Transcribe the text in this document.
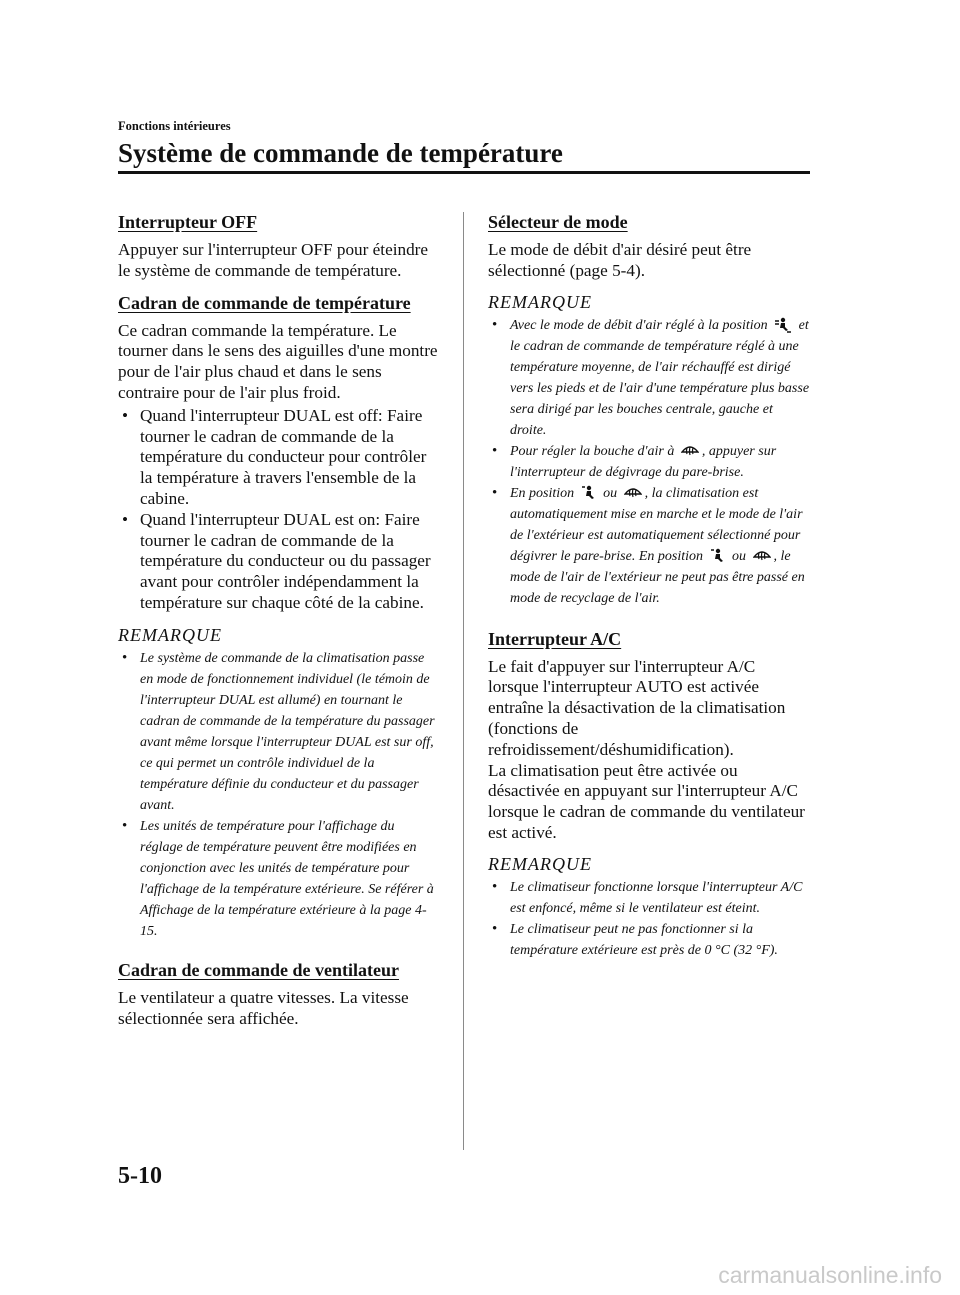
Fonctions intérieures
Système de commande de température
Interrupteur OFF

Appuyer sur l'interrupteur OFF pour éteindre le système de commande de température.

Cadran de commande de température

Ce cadran commande la température. Le tourner dans le sens des aiguilles d'une montre pour de l'air plus chaud et dans le sens contraire pour de l'air plus froid.

• Quand l'interrupteur DUAL est off: Faire tourner le cadran de commande de la température du conducteur pour contrôler la température à travers l'ensemble de la cabine.
• Quand l'interrupteur DUAL est on: Faire tourner le cadran de commande de la température du conducteur ou du passager avant pour contrôler indépendamment la température sur chaque côté de la cabine.
REMARQUE
• Le système de commande de la climatisation passe en mode de fonctionnement individuel (le témoin de l'interrupteur DUAL est allumé) en tournant le cadran de commande de la température du passager avant même lorsque l'interrupteur DUAL est sur off, ce qui permet un contrôle individuel de la température définie du conducteur et du passager avant.
• Les unités de température pour l'affichage du réglage de température peuvent être modifiées en conjonction avec les unités de température pour l'affichage de la température extérieure. Se référer à Affichage de la température extérieure à la page 4-15.
Cadran de commande de ventilateur

Le ventilateur a quatre vitesses. La vitesse sélectionnée sera affichée.

Sélecteur de mode

Le mode de débit d'air désiré peut être sélectionné (page 5-4).

REMARQUE
• Avec le mode de débit d'air réglé à la position et le cadran de commande de température réglé à une température moyenne, de l'air réchauffé est dirigé vers les pieds et de l'air d'une température plus basse sera dirigé par les bouches centrale, gauche et droite.
• Pour régler la bouche d'air à , appuyer sur l'interrupteur de dégivrage du pare-brise.
• En position ou , la climatisation est automatiquement mise en marche et le mode de l'air de l'extérieur est automatiquement sélectionné pour dégivrer le pare-brise. En position ou , le mode de l'air de l'extérieur ne peut pas être passé en mode de recyclage de l'air.
Interrupteur A/C

Le fait d'appuyer sur l'interrupteur A/C lorsque l'interrupteur AUTO est activée entraîne la désactivation de la climatisation (fonctions de refroidissement/déshumidification).

La climatisation peut être activée ou désactivée en appuyant sur l'interrupteur A/C lorsque le cadran de commande du ventilateur est activé.

REMARQUE
• Le climatiseur fonctionne lorsque l'interrupteur A/C est enfoncé, même si le ventilateur est éteint.
• Le climatiseur peut ne pas fonctionner si la température extérieure est près de 0 °C (32 °F).
5-10
carmanualsonline.info
